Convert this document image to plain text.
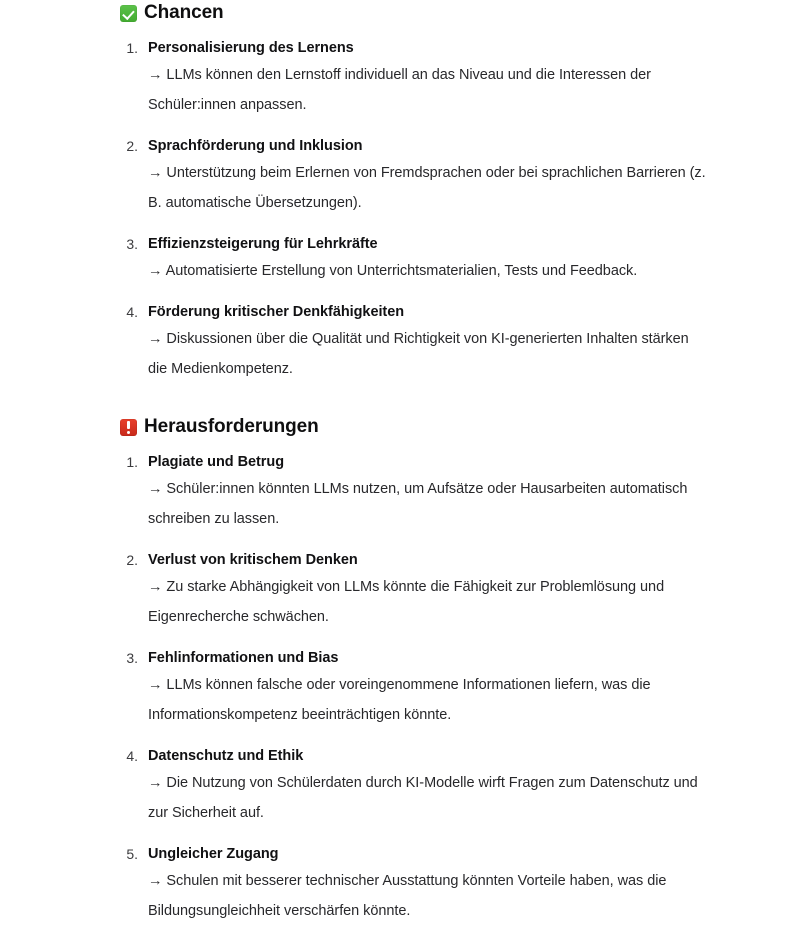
Chancen
1. Personalisierung des Lernens
→ LLMs können den Lernstoff individuell an das Niveau und die Interessen der Schüler:innen anpassen.
2. Sprachförderung und Inklusion
→ Unterstützung beim Erlernen von Fremdsprachen oder bei sprachlichen Barrieren (z. B. automatische Übersetzungen).
3. Effizienzsteigerung für Lehrkräfte
→ Automatisierte Erstellung von Unterrichtsmaterialien, Tests und Feedback.
4. Förderung kritischer Denkfähigkeiten
→ Diskussionen über die Qualität und Richtigkeit von KI-generierten Inhalten stärken die Medienkompetenz.
Herausforderungen
1. Plagiate und Betrug
→ Schüler:innen könnten LLMs nutzen, um Aufsätze oder Hausarbeiten automatisch schreiben zu lassen.
2. Verlust von kritischem Denken
→ Zu starke Abhängigkeit von LLMs könnte die Fähigkeit zur Problemlösung und Eigenrecherche schwächen.
3. Fehlinformationen und Bias
→ LLMs können falsche oder voreingenommene Informationen liefern, was die Informationskompetenz beeinträchtigen könnte.
4. Datenschutz und Ethik
→ Die Nutzung von Schülerdaten durch KI-Modelle wirft Fragen zum Datenschutz und zur Sicherheit auf.
5. Ungleicher Zugang
→ Schulen mit besserer technischer Ausstattung könnten Vorteile haben, was die Bildungsungleichheit verschärfen könnte.
